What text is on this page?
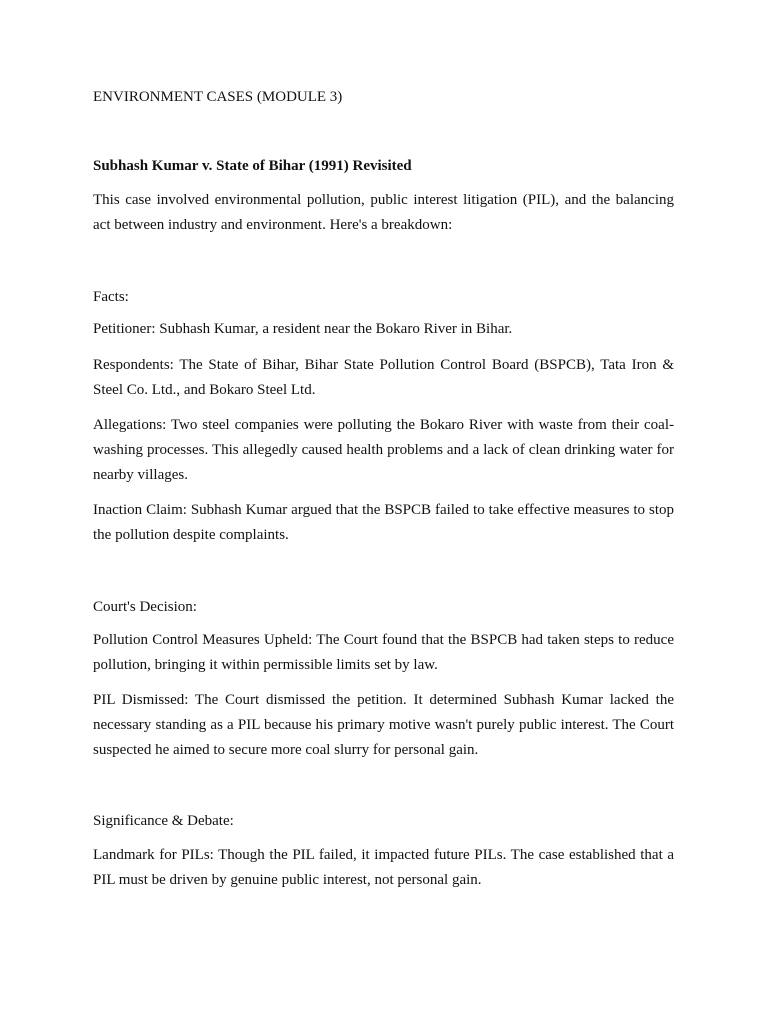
ENVIRONMENT CASES (MODULE 3)

Subhash Kumar v. State of Bihar (1991) Revisited

This case involved environmental pollution, public interest litigation (PIL), and the balancing act between industry and environment. Here's a breakdown:

Facts:

Petitioner: Subhash Kumar, a resident near the Bokaro River in Bihar.

Respondents: The State of Bihar, Bihar State Pollution Control Board (BSPCB), Tata Iron & Steel Co. Ltd., and Bokaro Steel Ltd.

Allegations: Two steel companies were polluting the Bokaro River with waste from their coal-washing processes. This allegedly caused health problems and a lack of clean drinking water for nearby villages.

Inaction Claim: Subhash Kumar argued that the BSPCB failed to take effective measures to stop the pollution despite complaints.

Court's Decision:

Pollution Control Measures Upheld: The Court found that the BSPCB had taken steps to reduce pollution, bringing it within permissible limits set by law.

PIL Dismissed: The Court dismissed the petition. It determined Subhash Kumar lacked the necessary standing as a PIL because his primary motive wasn't purely public interest. The Court suspected he aimed to secure more coal slurry for personal gain.

Significance & Debate:

Landmark for PILs: Though the PIL failed, it impacted future PILs. The case established that a PIL must be driven by genuine public interest, not personal gain.
